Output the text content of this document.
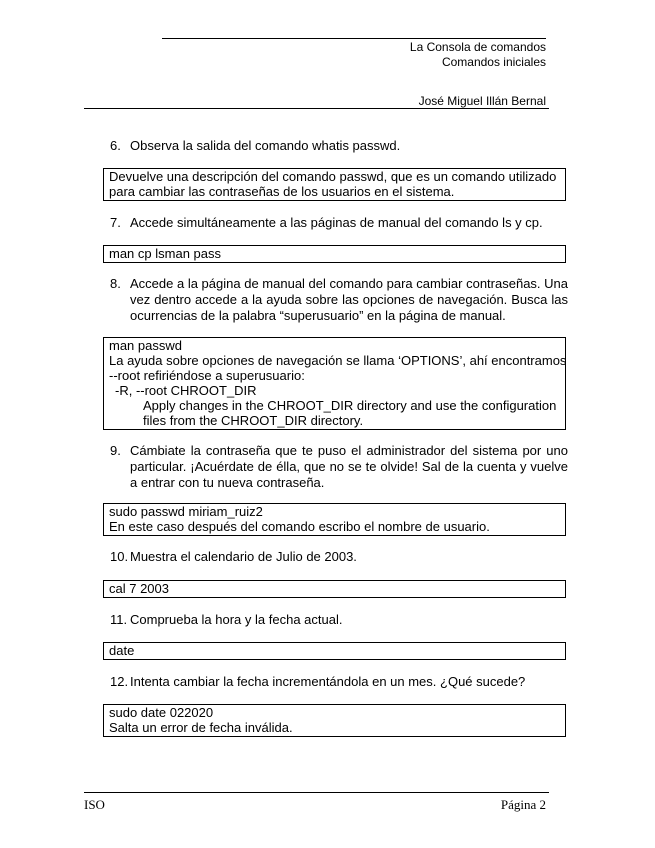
La Consola de comandos
Comandos iniciales
José Miguel Illán Bernal
6. Observa la salida del comando whatis passwd.
Devuelve una descripción del comando passwd, que es un comando utilizado
para cambiar las contraseñas de los usuarios en el sistema.
7. Accede simultáneamente a las páginas de manual del comando ls y cp.
man cp lsman pass
8. Accede a la página de manual del comando para cambiar contraseñas. Una vez dentro accede a la ayuda sobre las opciones de navegación. Busca las ocurrencias de la palabra “superusuario” en la página de manual.
man passwd
La ayuda sobre opciones de navegación se llama ‘OPTIONS’, ahí encontramos
--root refiriéndose a superusuario:
-R, --root CHROOT_DIR
Apply changes in the CHROOT_DIR directory and use the configuration
files from the CHROOT_DIR directory.
9. Cámbiate la contraseña que te puso el administrador del sistema por uno particular. ¡Acuérdate de élla, que no se te olvide! Sal de la cuenta y vuelve a entrar con tu nueva contraseña.
sudo passwd miriam_ruiz2
En este caso después del comando escribo el nombre de usuario.
10. Muestra el calendario de Julio de 2003.
cal 7 2003
11. Comprueba la hora y la fecha actual.
date
12. Intenta cambiar la fecha incrementándola en un mes. ¿Qué sucede?
sudo date 022020
Salta un error de fecha inválida.
ISO	Página 2
